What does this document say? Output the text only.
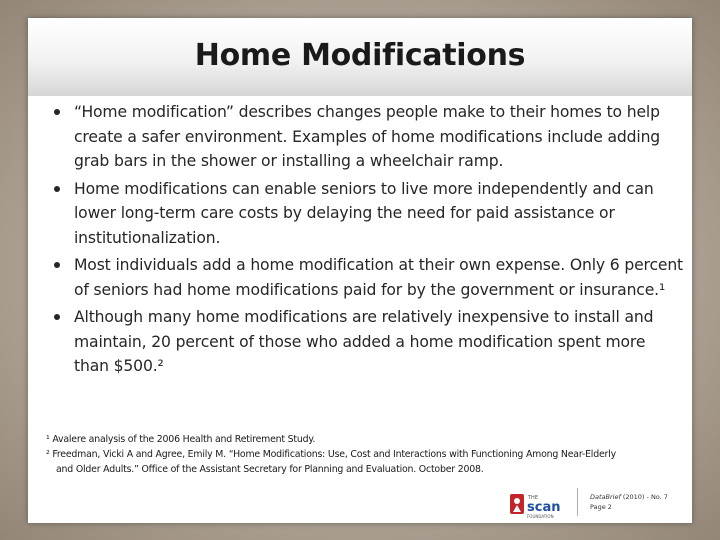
Home Modifications
“Home modification” describes changes people make to their homes to help create a safer environment. Examples of home modifications include adding grab bars in the shower or installing a wheelchair ramp.
Home modifications can enable seniors to live more independently and can lower long-term care costs by delaying the need for paid assistance or institutionalization.
Most individuals add a home modification at their own expense. Only 6 percent of seniors had home modifications paid for by the government or insurance.¹
Although many home modifications are relatively inexpensive to install and maintain, 20 percent of those who added a home modification spent more than $500.²
¹ Avalere analysis of the 2006 Health and Retirement Study.
² Freedman, Vicki A and Agree, Emily M. “Home Modifications: Use, Cost and Interactions with Functioning Among Near-Elderly
and Older Adults.” Office of the Assistant Secretary for Planning and Evaluation. October 2008.
THE
scan
FOUNDATION
DataBrief (2010) - No. 7
Page 2
